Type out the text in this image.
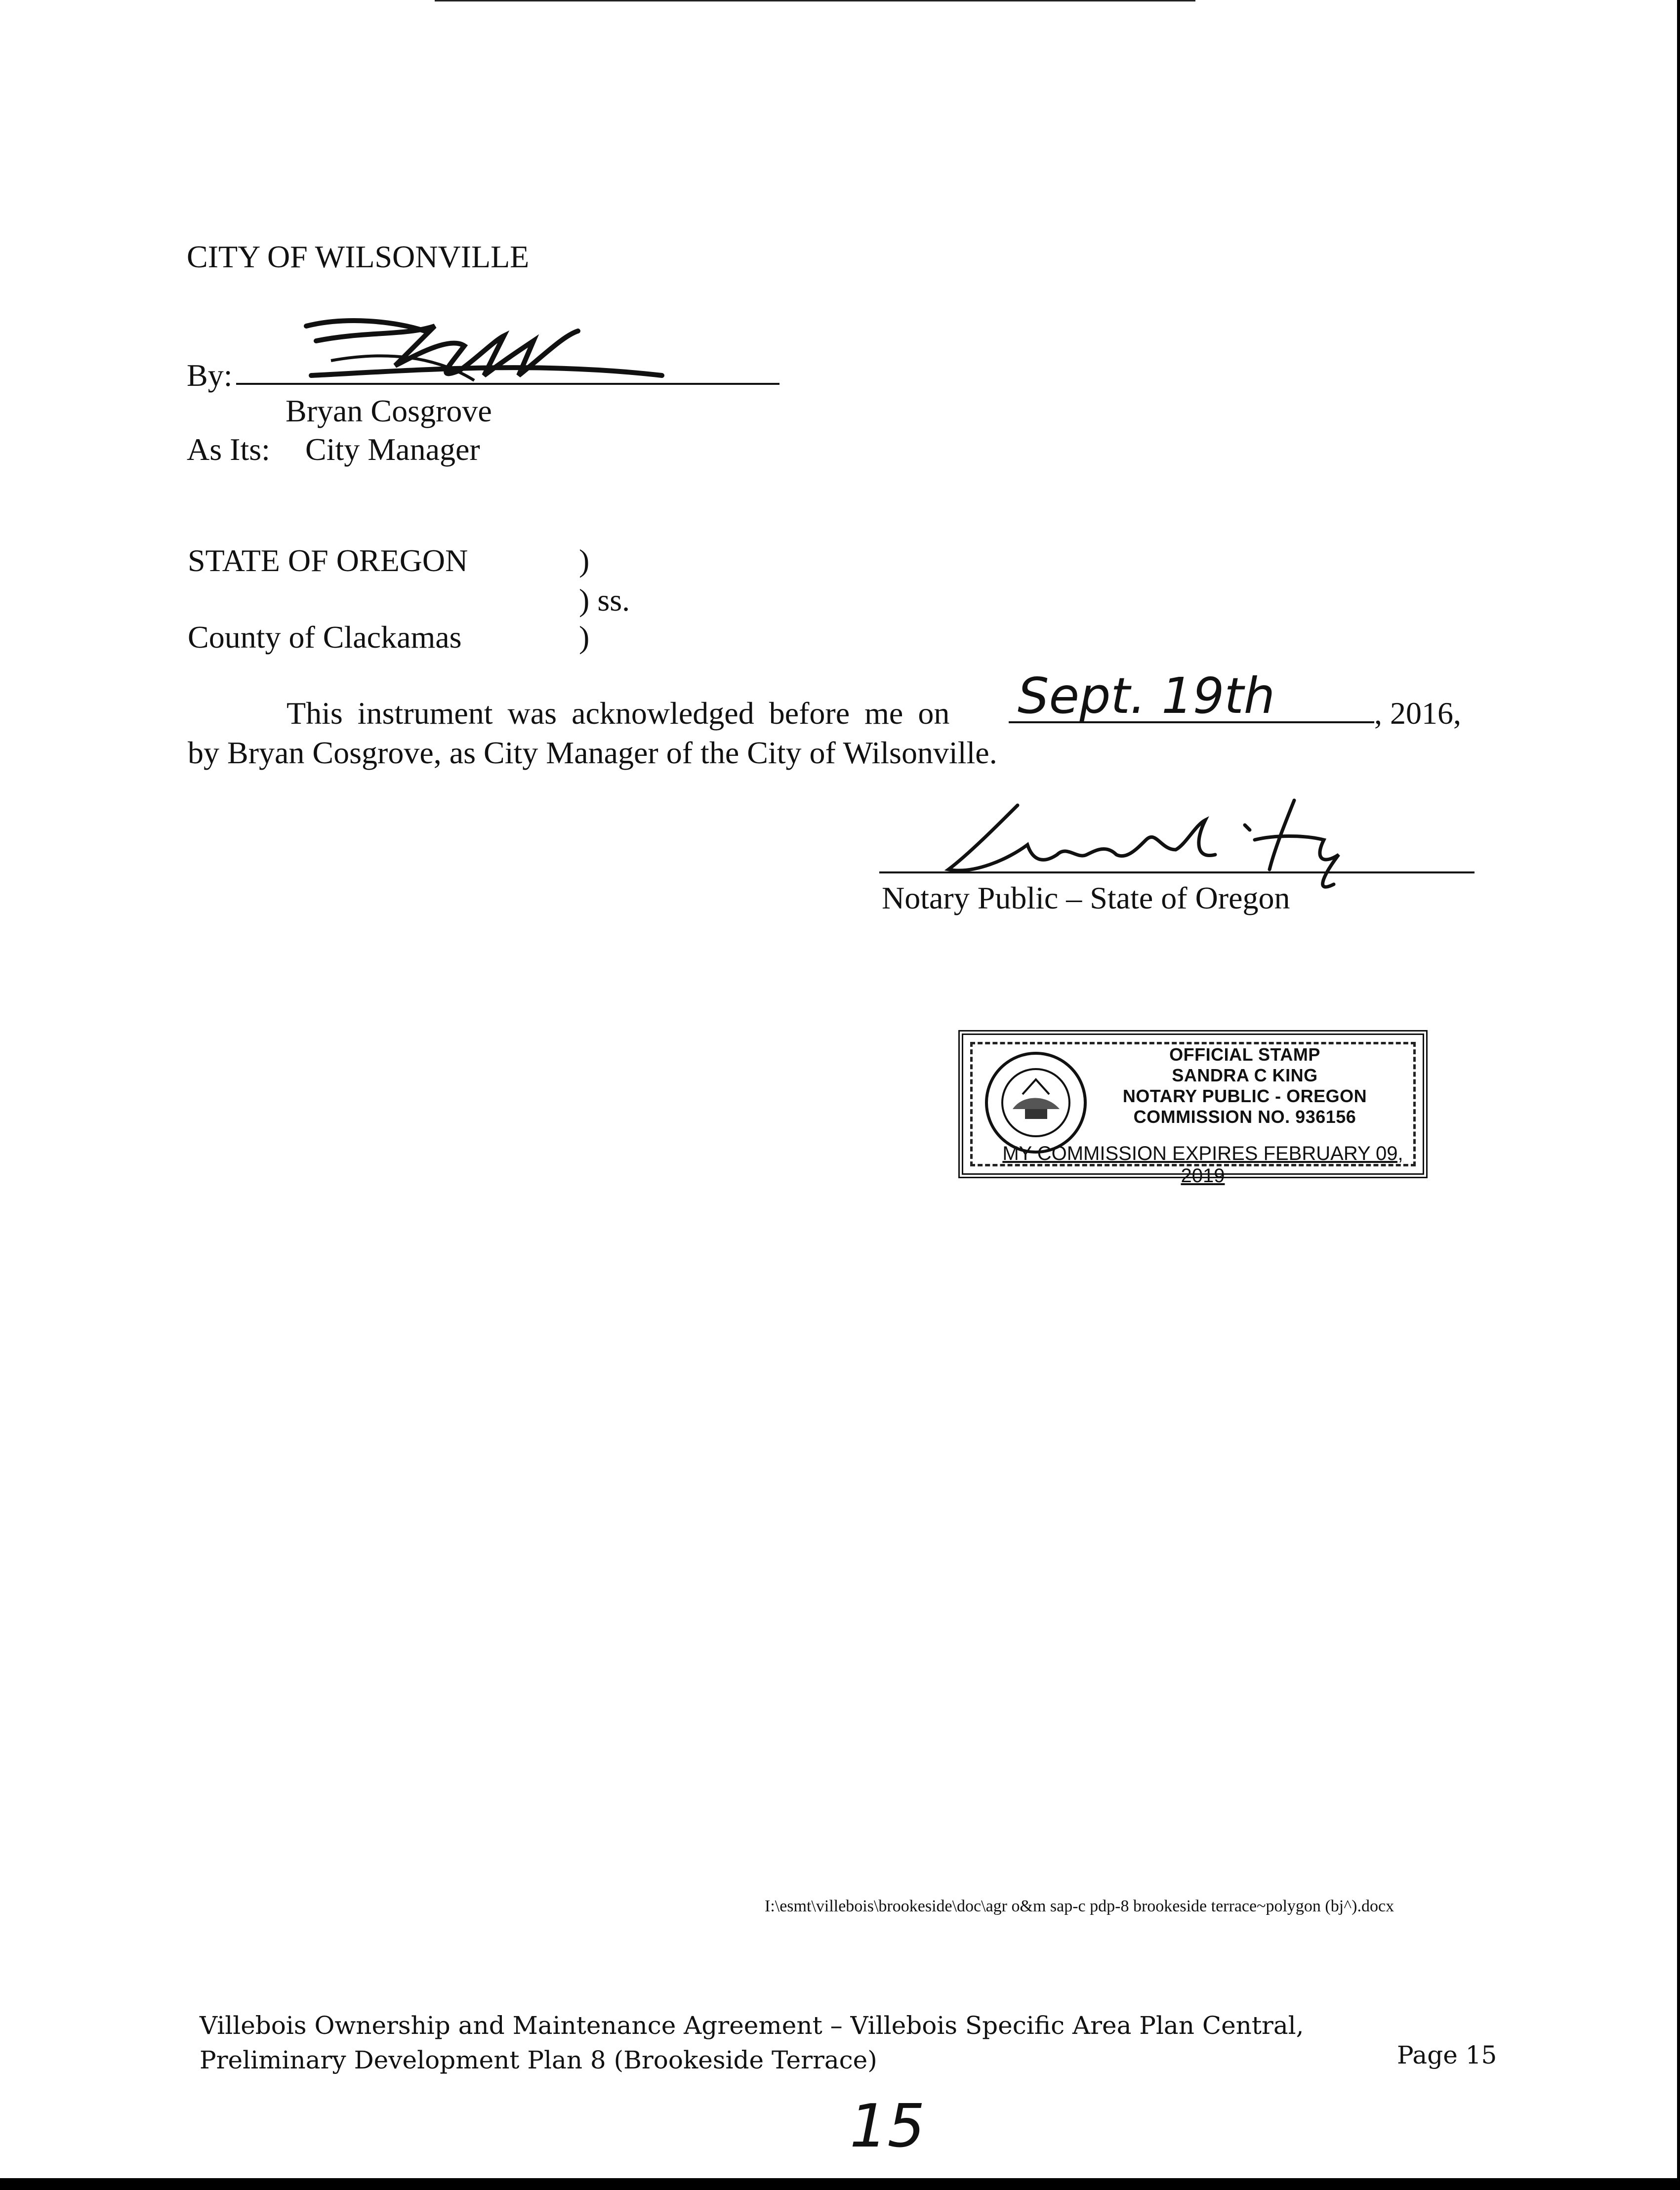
CITY OF WILSONVILLE
By:
Bryan Cosgrove
As Its: City Manager
STATE OF OREGON	)
) ss.
County of Clackamas	)
This instrument was acknowledged before me on Sept. 19th	, 2016,
by Bryan Cosgrove, as City Manager of the City of Wilsonville.
Notary Public – State of Oregon
OFFICIAL STAMP
SANDRA C KING
NOTARY PUBLIC - OREGON
COMMISSION NO. 936156
MY COMMISSION EXPIRES FEBRUARY 09, 2019
I:\esmt\villebois\brookeside\doc\agr o&m sap-c pdp-8 brookeside terrace~polygon (bj^).docx
Villebois Ownership and Maintenance Agreement – Villebois Specific Area Plan Central,
Preliminary Development Plan 8 (Brookeside Terrace)	Page 15
15
